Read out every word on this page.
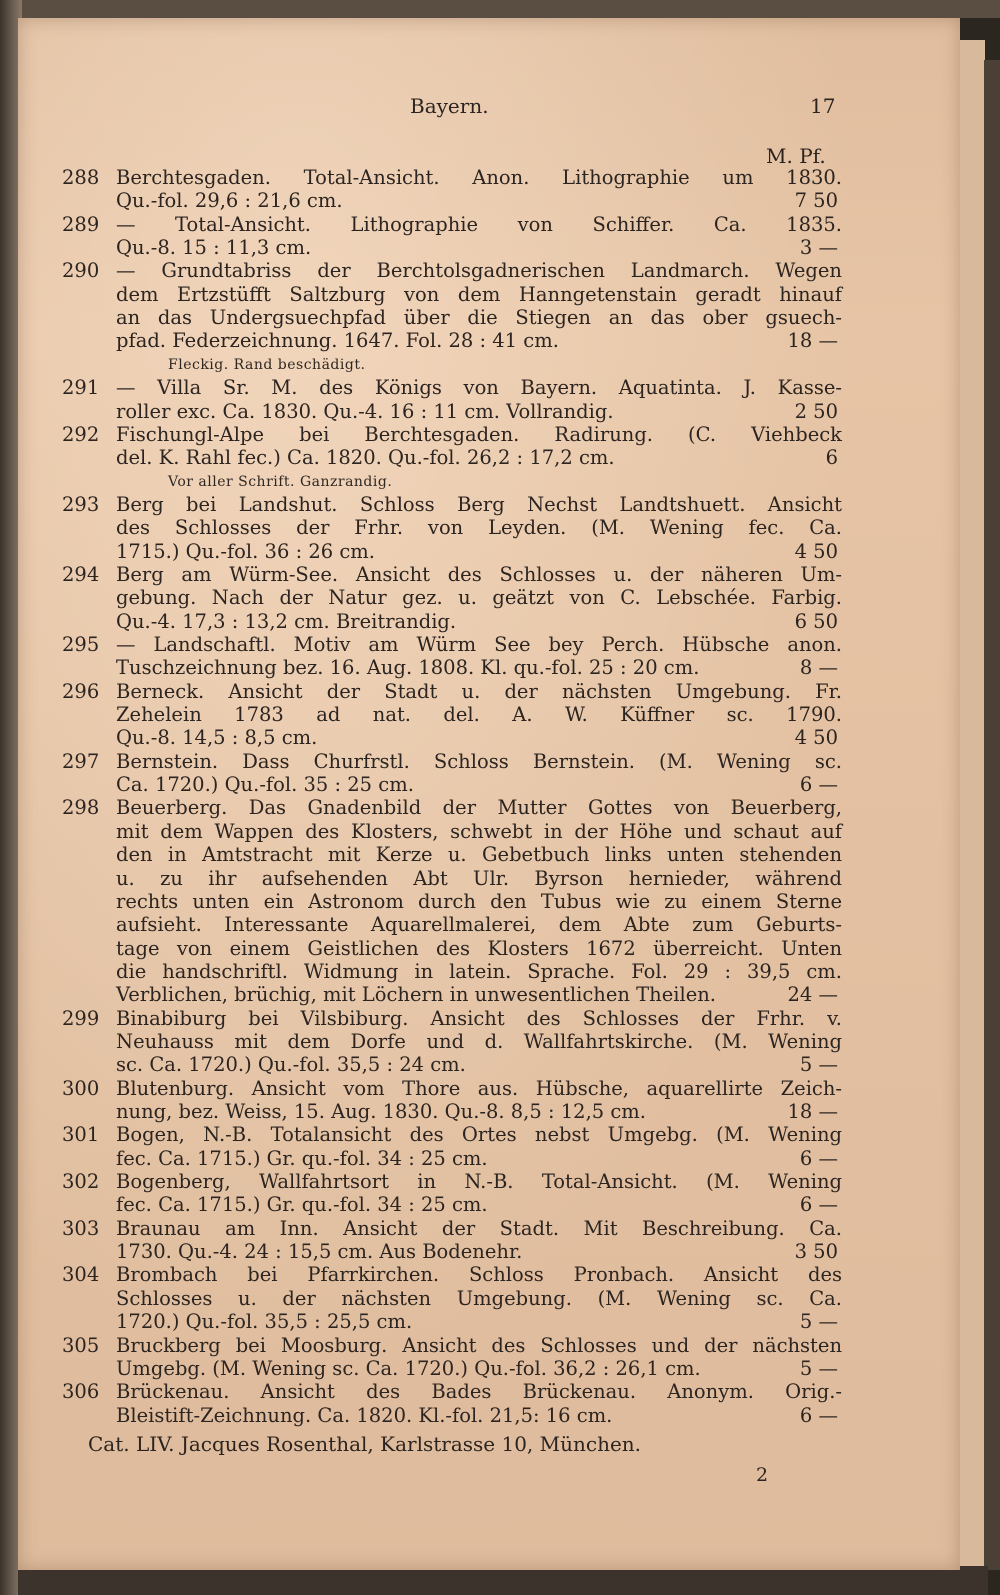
Bayern.	17
M. Pf.
288 Berchtesgaden. Total-Ansicht. Anon. Lithographie um 1830.
Qu.-fol. 29,6 : 21,6 cm.	7 50
289 — Total-Ansicht. Lithographie von Schiffer. Ca. 1835.
Qu.-8. 15 : 11,3 cm.	3 —
290 — Grundtabriss der Berchtolsgadnerischen Landmarch. Wegen
dem Ertzstüfft Saltzburg von dem Hanngetenstain geradt hinauf
an das Undergsuechpfad über die Stiegen an das ober gsuech-
pfad. Federzeichnung. 1647. Fol. 28 : 41 cm.	18 —
Fleckig. Rand beschädigt.
291 — Villa Sr. M. des Königs von Bayern. Aquatinta. J. Kasse-
roller exc. Ca. 1830. Qu.-4. 16 : 11 cm. Vollrandig.	2 50
292 Fischungl-Alpe bei Berchtesgaden. Radirung. (C. Viehbeck
del. K. Rahl fec.) Ca. 1820. Qu.-fol. 26,2 : 17,2 cm.	6
Vor aller Schrift. Ganzrandig.
293 Berg bei Landshut. Schloss Berg Nechst Landtshuett. Ansicht
des Schlosses der Frhr. von Leyden. (M. Wening fec. Ca.
1715.) Qu.-fol. 36 : 26 cm.	4 50
294 Berg am Würm-See. Ansicht des Schlosses u. der näheren Um-
gebung. Nach der Natur gez. u. geätzt von C. Lebschée. Farbig.
Qu.-4. 17,3 : 13,2 cm. Breitrandig.	6 50
295 — Landschaftl. Motiv am Würm See bey Perch. Hübsche anon.
Tuschzeichnung bez. 16. Aug. 1808. Kl. qu.-fol. 25 : 20 cm.	8 —
296 Berneck. Ansicht der Stadt u. der nächsten Umgebung. Fr.
Zehelein 1783 ad nat. del. A. W. Küffner sc. 1790.
Qu.-8. 14,5 : 8,5 cm.	4 50
297 Bernstein. Dass Churfrstl. Schloss Bernstein. (M. Wening sc.
Ca. 1720.) Qu.-fol. 35 : 25 cm.	6 —
298 Beuerberg. Das Gnadenbild der Mutter Gottes von Beuerberg,
mit dem Wappen des Klosters, schwebt in der Höhe und schaut auf
den in Amtstracht mit Kerze u. Gebetbuch links unten stehenden
u. zu ihr aufsehenden Abt Ulr. Byrson hernieder, während
rechts unten ein Astronom durch den Tubus wie zu einem Sterne
aufsieht. Interessante Aquarellmalerei, dem Abte zum Geburts-
tage von einem Geistlichen des Klosters 1672 überreicht. Unten
die handschriftl. Widmung in latein. Sprache. Fol. 29 : 39,5 cm.
Verblichen, brüchig, mit Löchern in unwesentlichen Theilen.	24 —
299 Binabiburg bei Vilsbiburg. Ansicht des Schlosses der Frhr. v.
Neuhauss mit dem Dorfe und d. Wallfahrtskirche. (M. Wening
sc. Ca. 1720.) Qu.-fol. 35,5 : 24 cm.	5 —
300 Blutenburg. Ansicht vom Thore aus. Hübsche, aquarellirte Zeich-
nung, bez. Weiss, 15. Aug. 1830. Qu.-8. 8,5 : 12,5 cm.	18 —
301 Bogen, N.-B. Totalansicht des Ortes nebst Umgebg. (M. Wening
fec. Ca. 1715.) Gr. qu.-fol. 34 : 25 cm.	6 —
302 Bogenberg, Wallfahrtsort in N.-B. Total-Ansicht. (M. Wening
fec. Ca. 1715.) Gr. qu.-fol. 34 : 25 cm.	6 —
303 Braunau am Inn. Ansicht der Stadt. Mit Beschreibung. Ca.
1730. Qu.-4. 24 : 15,5 cm. Aus Bodenehr.	3 50
304 Brombach bei Pfarrkirchen. Schloss Pronbach. Ansicht des
Schlosses u. der nächsten Umgebung. (M. Wening sc. Ca.
1720.) Qu.-fol. 35,5 : 25,5 cm.	5 —
305 Bruckberg bei Moosburg. Ansicht des Schlosses und der nächsten
Umgebg. (M. Wening sc. Ca. 1720.) Qu.-fol. 36,2 : 26,1 cm.	5 —
306 Brückenau. Ansicht des Bades Brückenau. Anonym. Orig.-
Bleistift-Zeichnung. Ca. 1820. Kl.-fol. 21,5: 16 cm.	6 —
Cat. LIV. Jacques Rosenthal, Karlstrasse 10, München.
2
